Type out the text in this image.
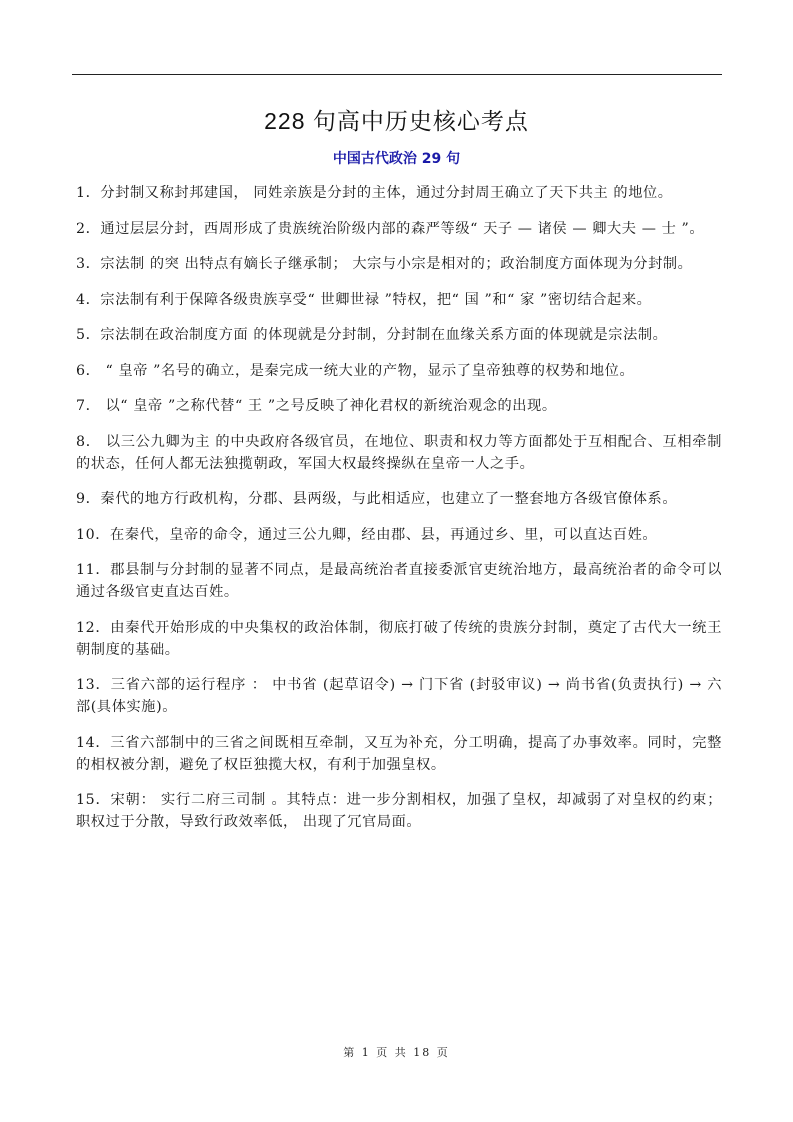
228 句高中历史核心考点
中国古代政治 29 句

1．分封制又称封邦建国， 同姓亲族是分封的主体，通过分封周王确立了天下共主 的地位。

2．通过层层分封，西周形成了贵族统治阶级内部的森严等级“ 天子 — 诸侯 — 卿大夫 — 士 ”。

3．宗法制 的突 出特点有嫡长子继承制； 大宗与小宗是相对的；政治制度方面体现为分封制。

4．宗法制有利于保障各级贵族享受“ 世卿世禄 ”特权，把“ 国 ”和“ 家 ”密切结合起来。

5．宗法制在政治制度方面 的体现就是分封制，分封制在血缘关系方面的体现就是宗法制。

6． “ 皇帝 ”名号的确立，是秦完成一统大业的产物，显示了皇帝独尊的权势和地位。

7． 以“ 皇帝 ”之称代替“ 王 ”之号反映了神化君权的新统治观念的出现。

8． 以三公九卿为主 的中央政府各级官员，在地位、职责和权力等方面都处于互相配合、互相牵制的状态，任何人都无法独揽朝政，军国大权最终操纵在皇帝一人之手。

9．秦代的地方行政机构，分郡、县两级，与此相适应，也建立了一整套地方各级官僚体系。

10．在秦代，皇帝的命令，通过三公九卿，经由郡、县，再通过乡、里，可以直达百姓。

11．郡县制与分封制的显著不同点，是最高统治者直接委派官吏统治地方，最高统治者的命令可以通过各级官吏直达百姓。

12．由秦代开始形成的中央集权的政治体制，彻底打破了传统的贵族分封制，奠定了古代大一统王朝制度的基础。

13．三省六部的运行程序 ： 中书省 (起草诏令) → 门下省 (封驳审议) → 尚书省(负责执行) → 六部(具体实施)。

14．三省六部制中的三省之间既相互牵制，又互为补充，分工明确，提高了办事效率。同时，完整的相权被分割，避免了权臣独揽大权，有利于加强皇权。

15．宋朝： 实行二府三司制 。其特点：进一步分割相权，加强了皇权，却减弱了对皇权的约束； 职权过于分散，导致行政效率低， 出现了冗官局面。

第 1 页 共 18 页
